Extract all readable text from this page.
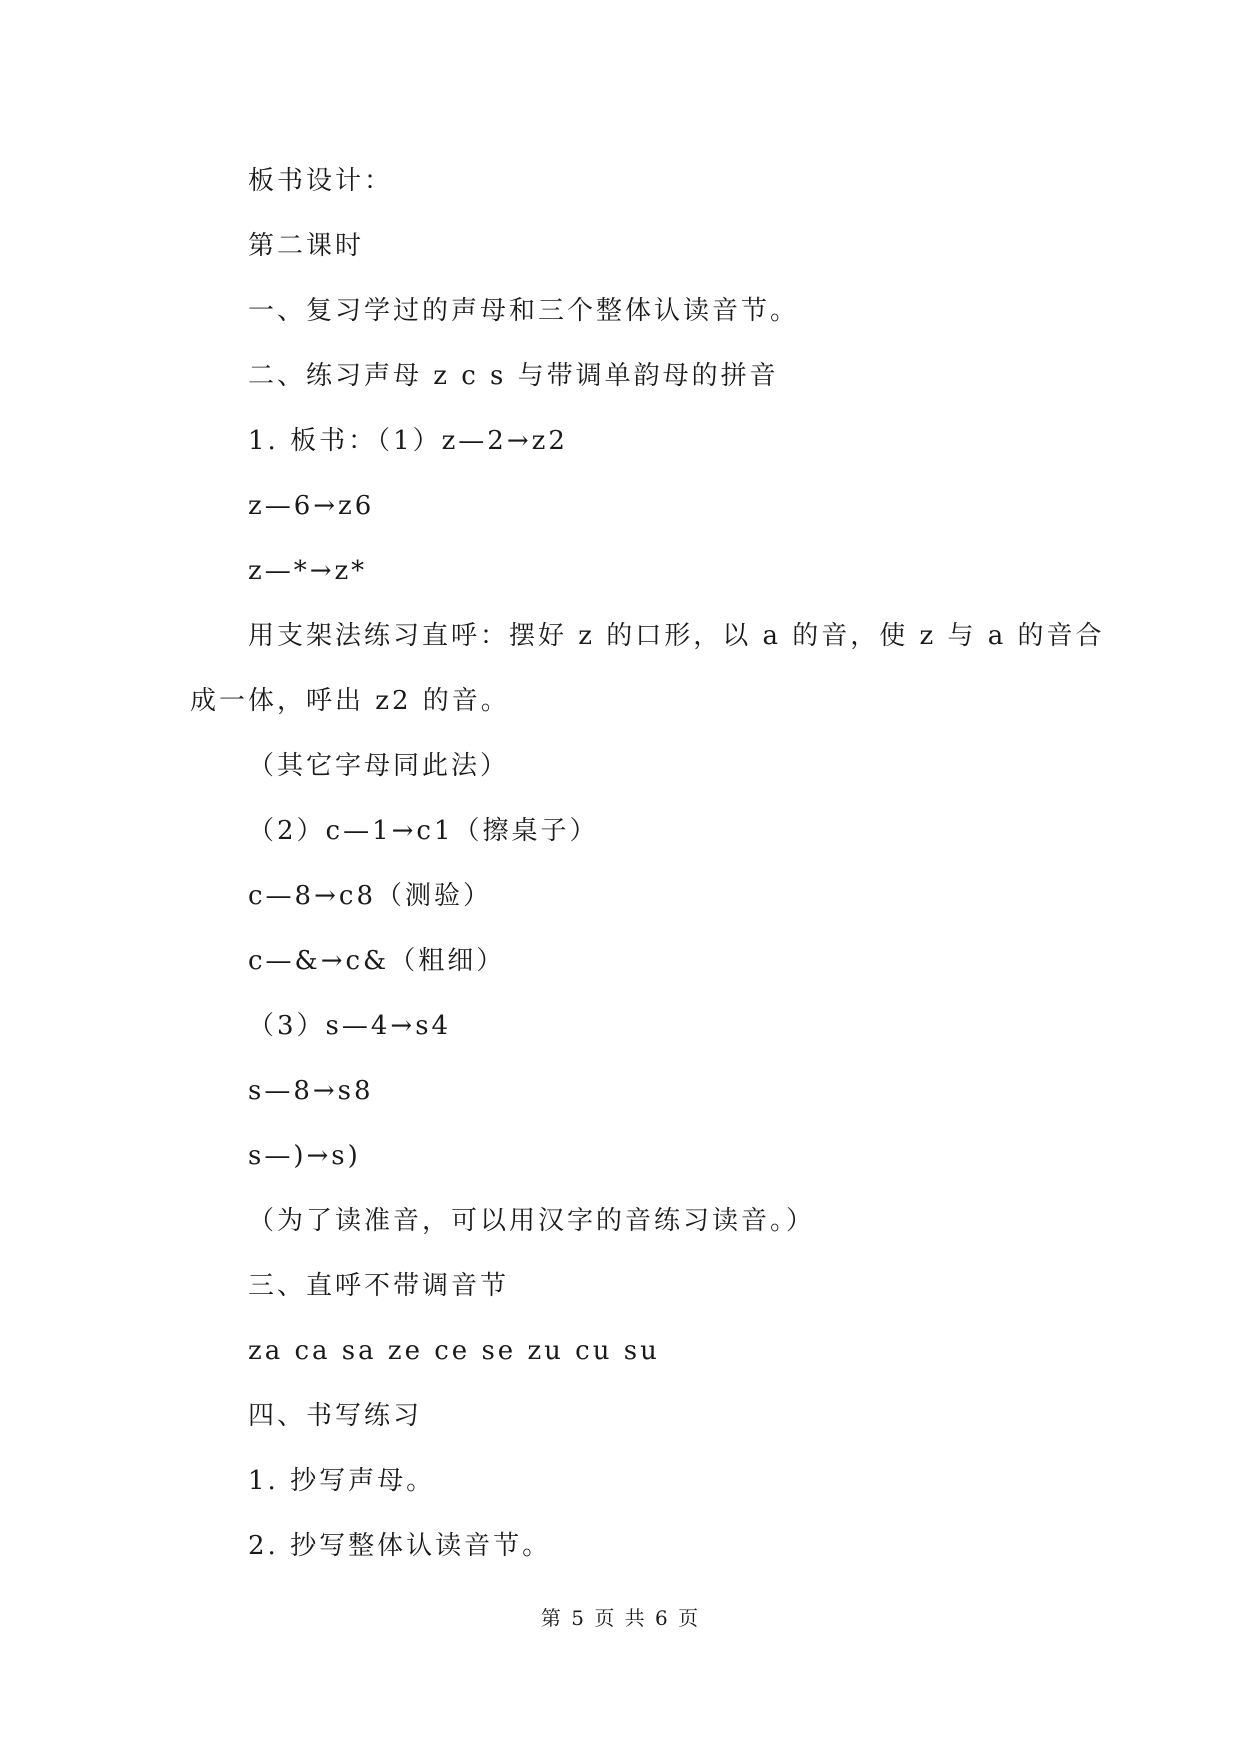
板书设计：
第二课时
一、复习学过的声母和三个整体认读音节。
二、练习声母 z c s 与带调单韵母的拼音
1. 板书：（1）z—2→z2
z—6→z6
z—*→z*
用支架法练习直呼：摆好 z 的口形，以 a 的音，使 z 与 a 的音合
成一体，呼出 z2 的音。
（其它字母同此法）
（2）c—1→c1（擦桌子）
c—8→c8（测验）
c—&→c&（粗细）
（3）s—4→s4
s—8→s8
s—)→s)
（为了读准音，可以用汉字的音练习读音。）
三、直呼不带调音节
za ca sa ze ce se zu cu su
四、书写练习
1. 抄写声母。
2. 抄写整体认读音节。
第 5 页 共 6 页
